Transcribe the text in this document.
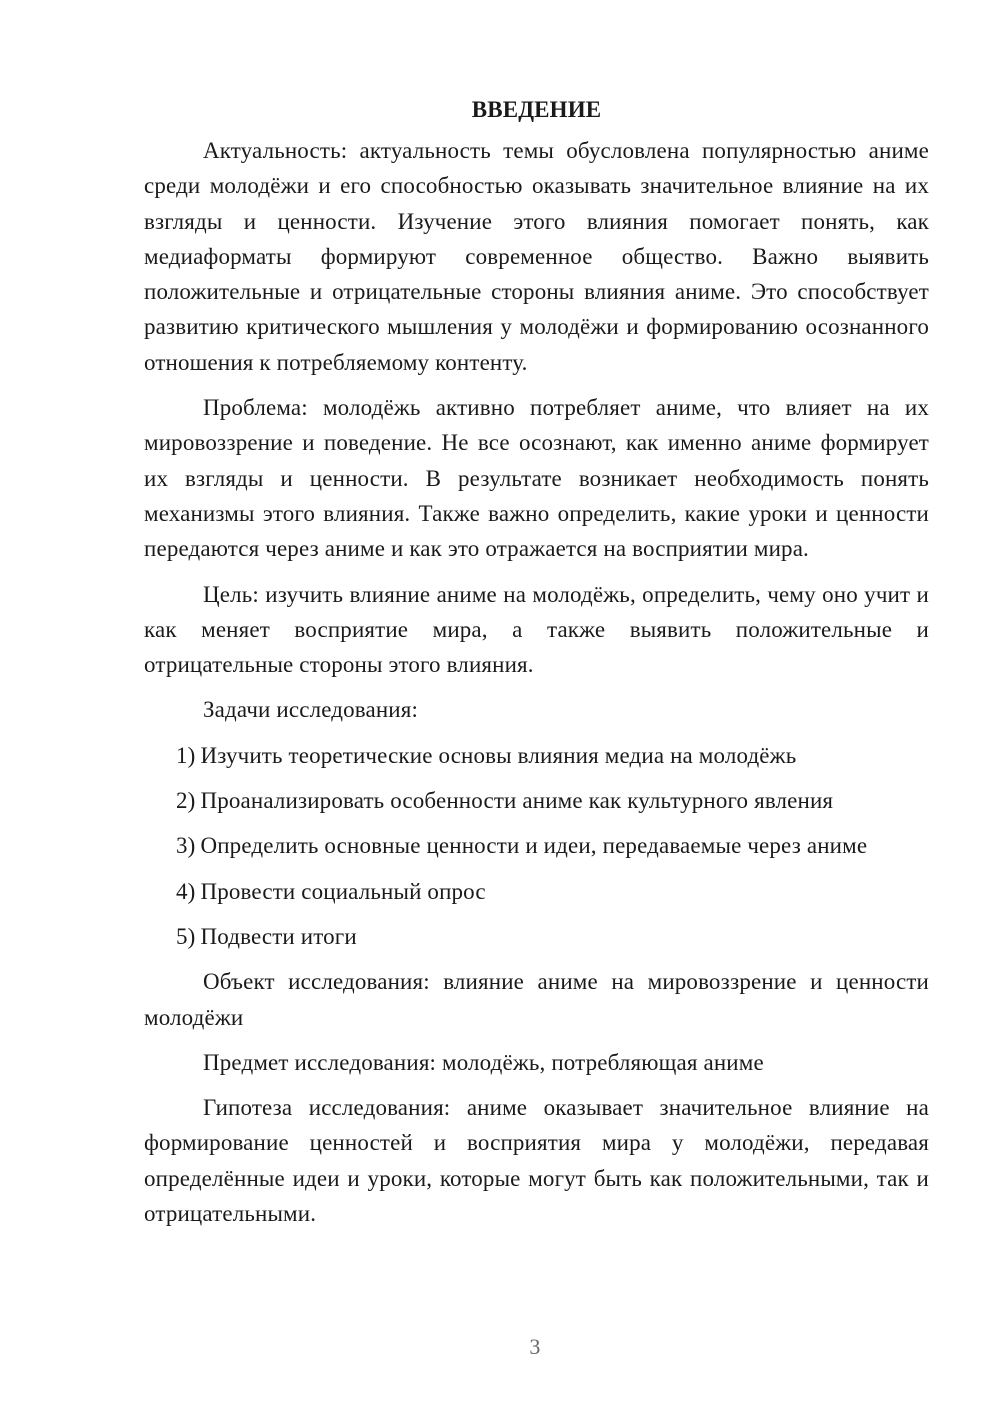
ВВЕДЕНИЕ

Актуальность: актуальность темы обусловлена популярностью аниме среди молодёжи и его способностью оказывать значительное влияние на их взгляды и ценности. Изучение этого влияния помогает понять, как медиаформаты формируют современное общество. Важно выявить положительные и отрицательные стороны влияния аниме. Это способствует развитию критического мышления у молодёжи и формированию осознанного отношения к потребляемому контенту.

Проблема: молодёжь активно потребляет аниме, что влияет на их мировоззрение и поведение. Не все осознают, как именно аниме формирует их взгляды и ценности. В результате возникает необходимость понять механизмы этого влияния. Также важно определить, какие уроки и ценности передаются через аниме и как это отражается на восприятии мира.

Цель: изучить влияние аниме на молодёжь, определить, чему оно учит и как меняет восприятие мира, а также выявить положительные и отрицательные стороны этого влияния.

Задачи исследования:

1) Изучить теоретические основы влияния медиа на молодёжь
2) Проанализировать особенности аниме как культурного явления
3) Определить основные ценности и идеи, передаваемые через аниме
4) Провести социальный опрос
5) Подвести итоги

Объект исследования: влияние аниме на мировоззрение и ценности молодёжи

Предмет исследования: молодёжь, потребляющая аниме

Гипотеза исследования: аниме оказывает значительное влияние на формирование ценностей и восприятия мира у молодёжи, передавая определённые идеи и уроки, которые могут быть как положительными, так и отрицательными.

3
